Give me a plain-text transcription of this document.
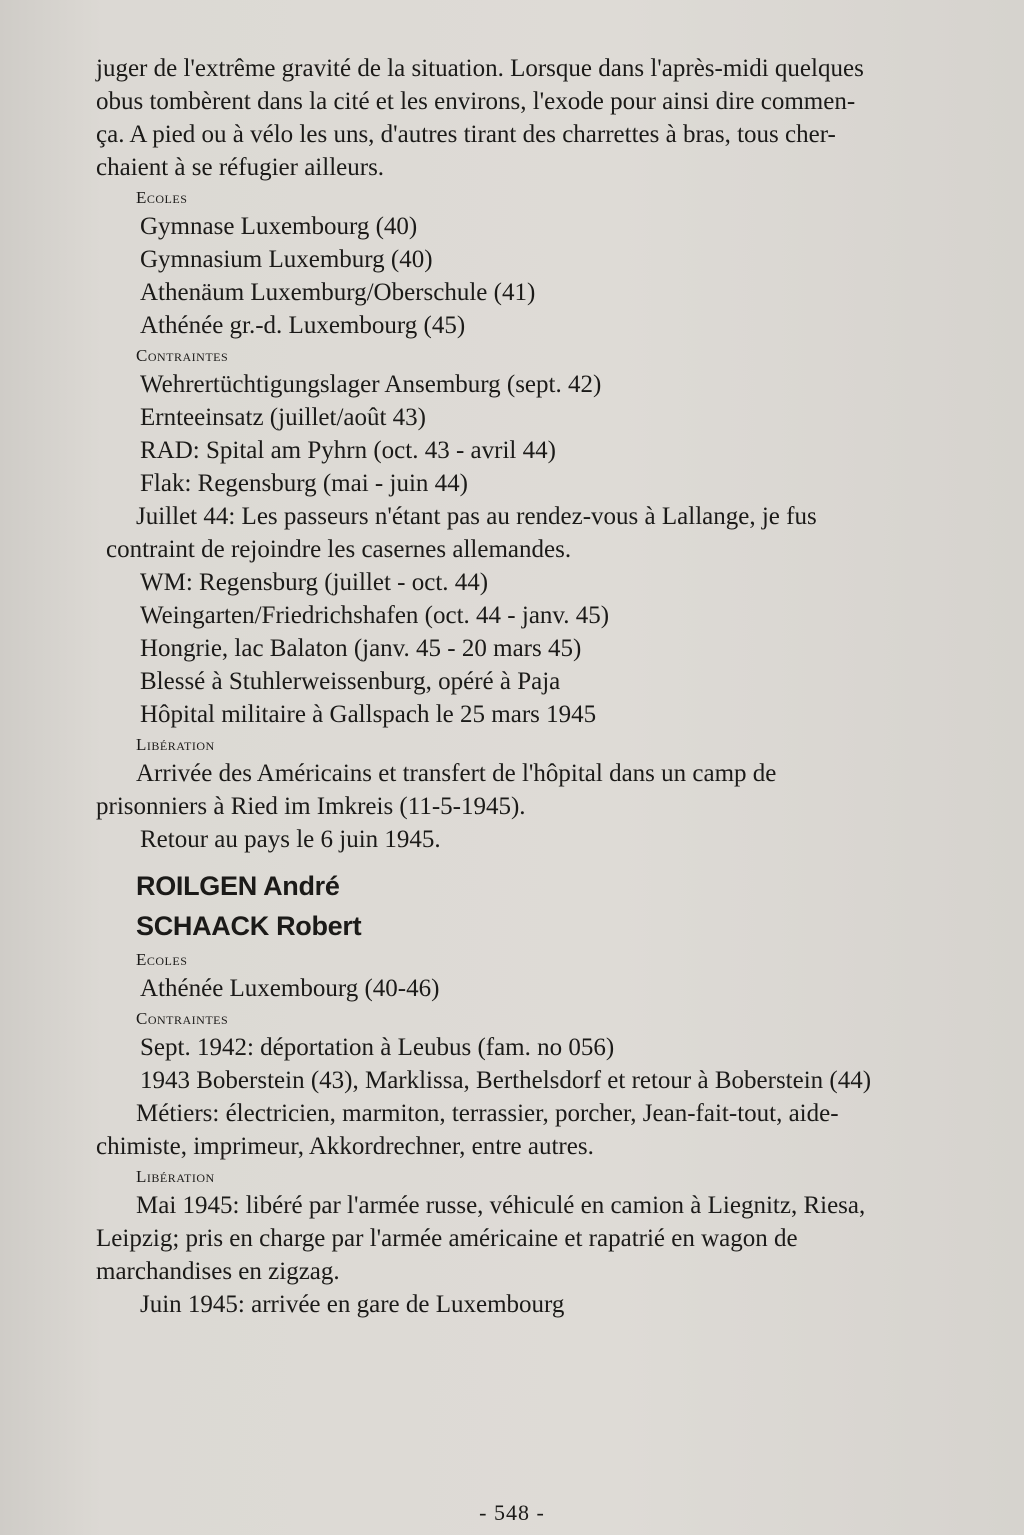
juger de l'extrême gravité de la situation. Lorsque dans l'après-midi quelques
obus tombèrent dans la cité et les environs, l'exode pour ainsi dire commen-
ça. A pied ou à vélo les uns, d'autres tirant des charrettes à bras, tous cher-
chaient à se réfugier ailleurs.
Ecoles
Gymnase Luxembourg (40)
Gymnasium Luxemburg (40)
Athenäum Luxemburg/Oberschule (41)
Athénée gr.-d. Luxembourg (45)
Contraintes
Wehrertüchtigungslager Ansemburg (sept. 42)
Ernteeinsatz (juillet/août 43)
RAD: Spital am Pyhrn (oct. 43 - avril 44)
Flak: Regensburg (mai - juin 44)
Juillet 44: Les passeurs n'étant pas au rendez-vous à Lallange, je fus
contraint de rejoindre les casernes allemandes.
WM: Regensburg (juillet - oct. 44)
Weingarten/Friedrichshafen (oct. 44 - janv. 45)
Hongrie, lac Balaton (janv. 45 - 20 mars 45)
Blessé à Stuhlerweissenburg, opéré à Paja
Hôpital militaire à Gallspach le 25 mars 1945
Libération
Arrivée des Américains et transfert de l'hôpital dans un camp de
prisonniers à Ried im Imkreis (11-5-1945).
Retour au pays le 6 juin 1945.
ROILGEN André
SCHAACK Robert
Ecoles
Athénée Luxembourg (40-46)
Contraintes
Sept. 1942: déportation à Leubus (fam. no 056)
1943 Boberstein (43), Marklissa, Berthelsdorf et retour à Boberstein (44)
Métiers: électricien, marmiton, terrassier, porcher, Jean-fait-tout, aide-
chimiste, imprimeur, Akkordrechner, entre autres.
Libération
Mai 1945: libéré par l'armée russe, véhiculé en camion à Liegnitz, Riesa,
Leipzig; pris en charge par l'armée américaine et rapatrié en wagon de
marchandises en zigzag.
Juin 1945: arrivée en gare de Luxembourg
- 548 -
